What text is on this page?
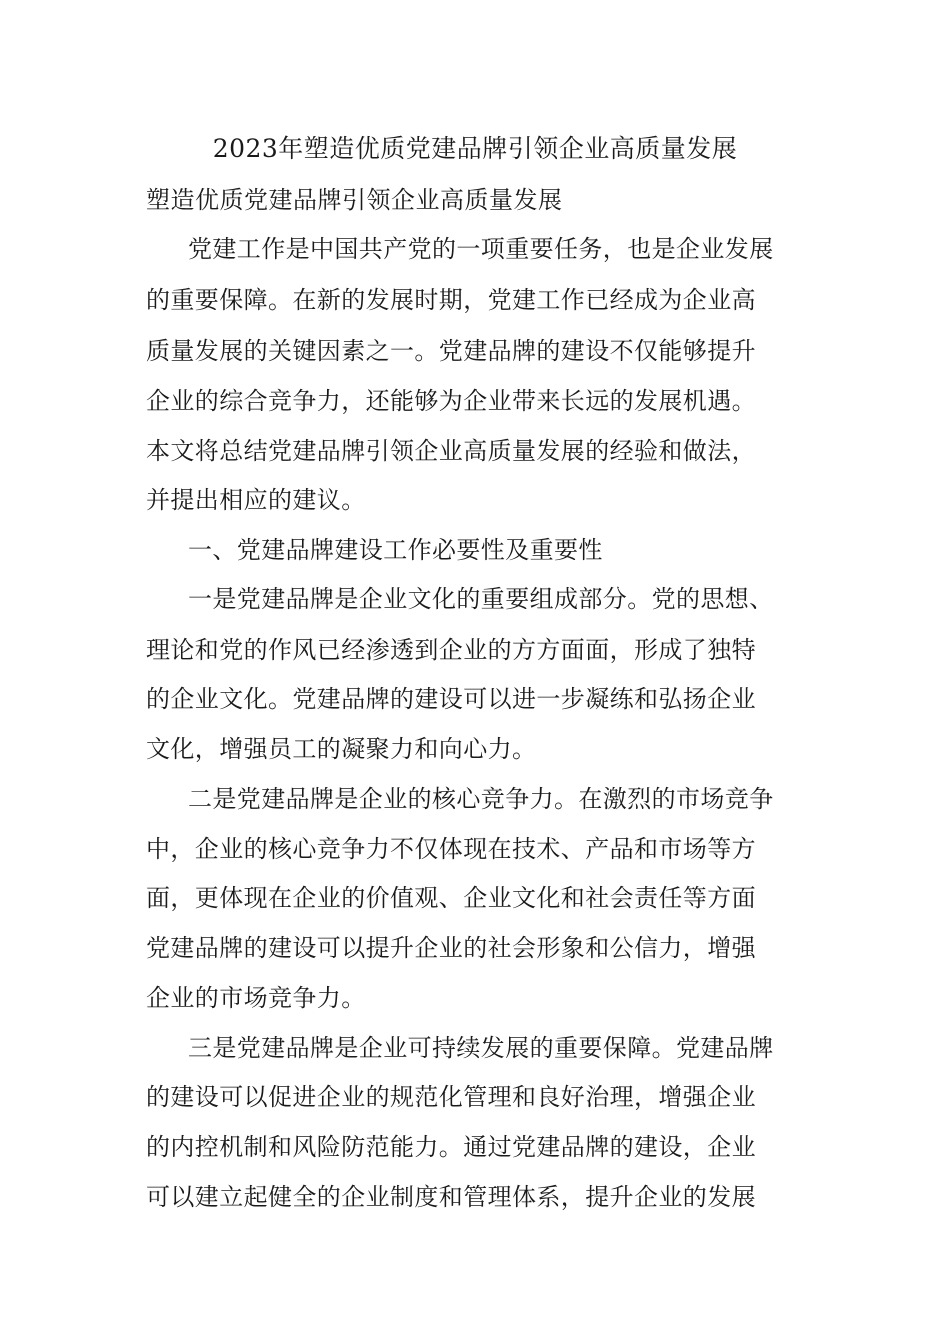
2023年塑造优质党建品牌引领企业高质量发展
塑造优质党建品牌引领企业高质量发展
党建工作是中国共产党的一项重要任务，也是企业发展
的重要保障。在新的发展时期，党建工作已经成为企业高
质量发展的关键因素之一。党建品牌的建设不仅能够提升
企业的综合竞争力，还能够为企业带来长远的发展机遇。
本文将总结党建品牌引领企业高质量发展的经验和做法，
并提出相应的建议。
一、党建品牌建设工作必要性及重要性
一是党建品牌是企业文化的重要组成部分。党的思想、
理论和党的作风已经渗透到企业的方方面面，形成了独特
的企业文化。党建品牌的建设可以进一步凝练和弘扬企业
文化，增强员工的凝聚力和向心力。
二是党建品牌是企业的核心竞争力。在激烈的市场竞争
中，企业的核心竞争力不仅体现在技术、产品和市场等方
面，更体现在企业的价值观、企业文化和社会责任等方面
党建品牌的建设可以提升企业的社会形象和公信力，增强
企业的市场竞争力。
三是党建品牌是企业可持续发展的重要保障。党建品牌
的建设可以促进企业的规范化管理和良好治理，增强企业
的内控机制和风险防范能力。通过党建品牌的建设，企业
可以建立起健全的企业制度和管理体系，提升企业的发展
